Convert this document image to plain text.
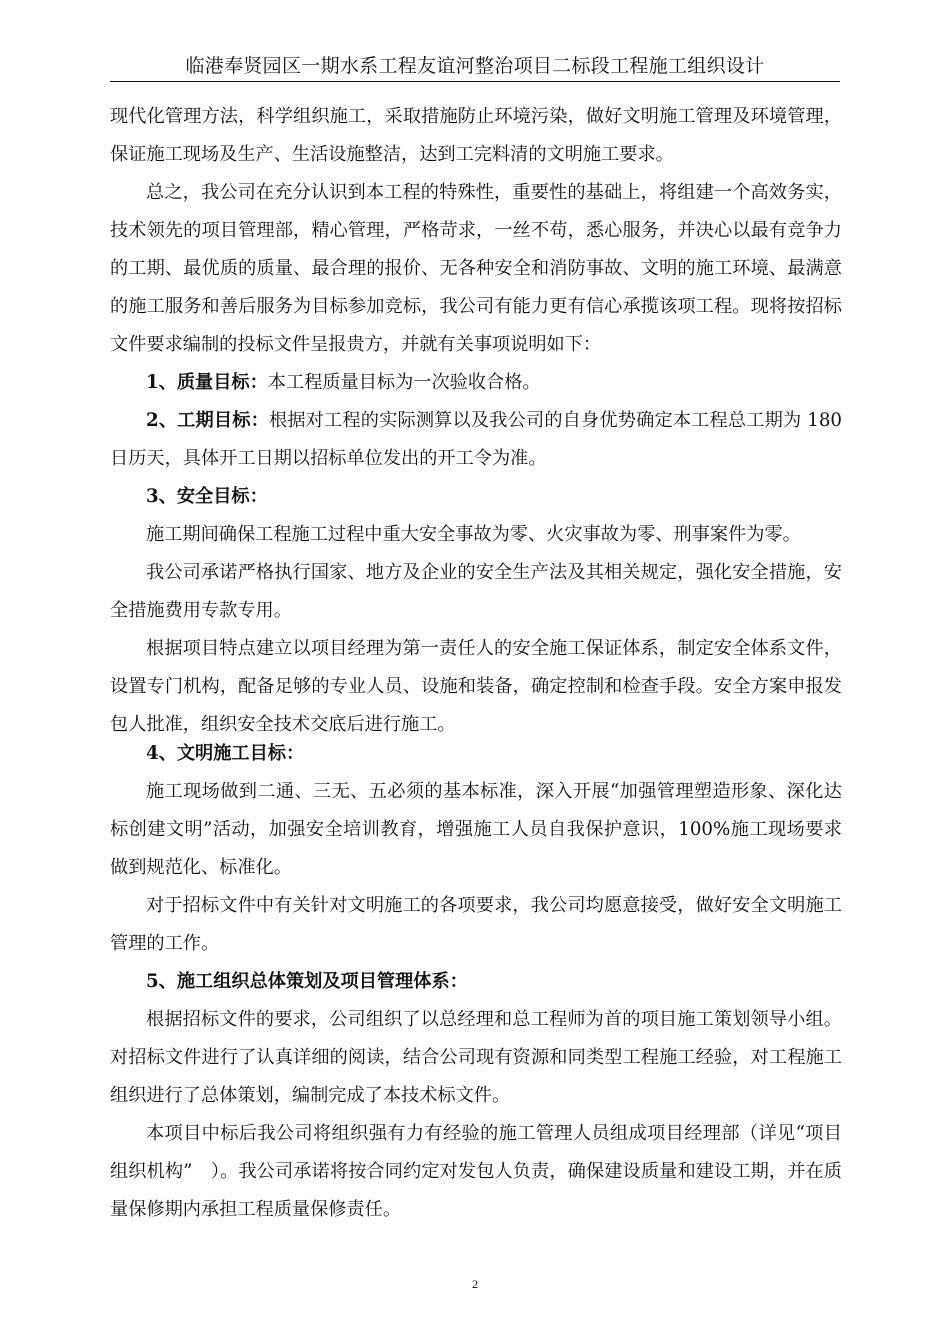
临港奉贤园区一期水系工程友谊河整治项目二标段工程施工组织设计

现代化管理方法，科学组织施工，采取措施防止环境污染，做好文明施工管理及环境管理，保证施工现场及生产、生活设施整洁，达到工完料清的文明施工要求。

总之，我公司在充分认识到本工程的特殊性，重要性的基础上，将组建一个高效务实，技术领先的项目管理部，精心管理，严格苛求，一丝不苟，悉心服务，并决心以最有竞争力的工期、最优质的质量、最合理的报价、无各种安全和消防事故、文明的施工环境、最满意的施工服务和善后服务为目标参加竞标，我公司有能力更有信心承揽该项工程。现将按招标文件要求编制的投标文件呈报贵方，并就有关事项说明如下：

1、质量目标：本工程质量目标为一次验收合格。

2、工期目标：根据对工程的实际测算以及我公司的自身优势确定本工程总工期为 180 日历天，具体开工日期以招标单位发出的开工令为准。

3、安全目标：

施工期间确保工程施工过程中重大安全事故为零、火灾事故为零、刑事案件为零。

我公司承诺严格执行国家、地方及企业的安全生产法及其相关规定，强化安全措施，安全措施费用专款专用。

根据项目特点建立以项目经理为第一责任人的安全施工保证体系，制定安全体系文件，设置专门机构，配备足够的专业人员、设施和装备，确定控制和检查手段。安全方案申报发包人批准，组织安全技术交底后进行施工。

4、文明施工目标：

施工现场做到二通、三无、五必须的基本标准，深入开展“加强管理塑造形象、深化达标创建文明”活动，加强安全培训教育，增强施工人员自我保护意识，100%施工现场要求做到规范化、标准化。

对于招标文件中有关针对文明施工的各项要求，我公司均愿意接受，做好安全文明施工管理的工作。

5、施工组织总体策划及项目管理体系：

根据招标文件的要求，公司组织了以总经理和总工程师为首的项目施工策划领导小组。对招标文件进行了认真详细的阅读，结合公司现有资源和同类型工程施工经验，对工程施工组织进行了总体策划，编制完成了本技术标文件。

本项目中标后我公司将组织强有力有经验的施工管理人员组成项目经理部（详见“项目组织机构”　）。我公司承诺将按合同约定对发包人负责，确保建设质量和建设工期，并在质量保修期内承担工程质量保修责任。

2
